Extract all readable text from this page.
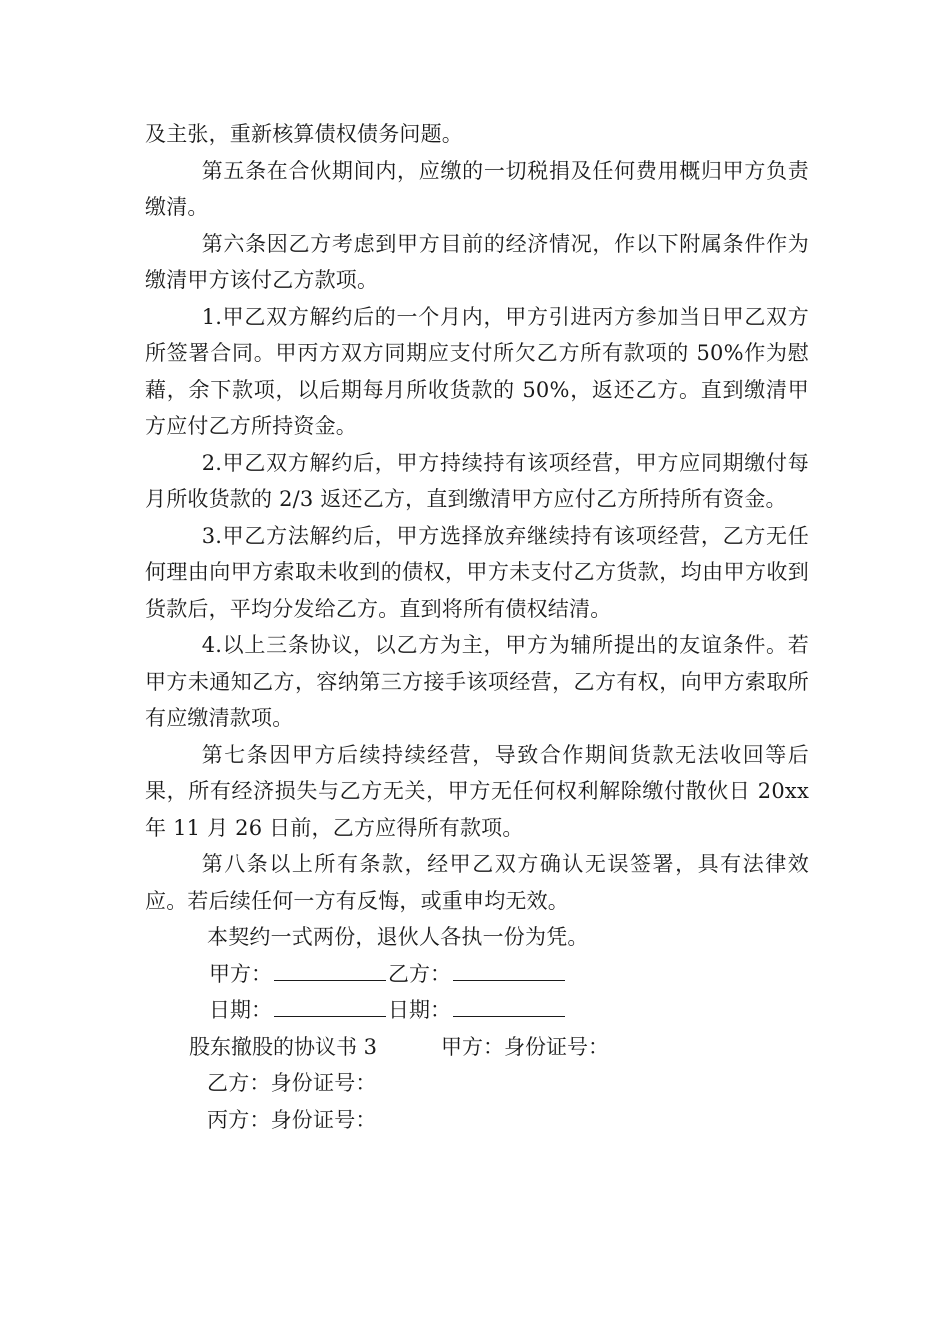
及主张，重新核算债权债务问题。

第五条在合伙期间内，应缴的一切税捐及任何费用概归甲方负责缴清。

第六条因乙方考虑到甲方目前的经济情况，作以下附属条件作为缴清甲方该付乙方款项。

1.甲乙双方解约后的一个月内，甲方引进丙方参加当日甲乙双方所签署合同。甲丙方双方同期应支付所欠乙方所有款项的 50%作为慰藉，余下款项，以后期每月所收货款的 50%，返还乙方。直到缴清甲方应付乙方所持资金。

2.甲乙双方解约后，甲方持续持有该项经营，甲方应同期缴付每月所收货款的 2/3 返还乙方，直到缴清甲方应付乙方所持所有资金。

3.甲乙方法解约后，甲方选择放弃继续持有该项经营，乙方无任何理由向甲方索取未收到的债权，甲方未支付乙方货款，均由甲方收到货款后，平均分发给乙方。直到将所有债权结清。

4.以上三条协议，以乙方为主，甲方为辅所提出的友谊条件。若甲方未通知乙方，容纳第三方接手该项经营，乙方有权，向甲方索取所有应缴清款项。

第七条因甲方后续持续经营，导致合作期间货款无法收回等后果，所有经济损失与乙方无关，甲方无任何权利解除缴付散伙日 20xx 年 11 月 26 日前，乙方应得所有款项。

第八条以上所有条款，经甲乙双方确认无误签署，具有法律效应。若后续任何一方有反悔，或重申均无效。

本契约一式两份，退伙人各执一份为凭。

甲方：	乙方：
日期：	日期：
股东撤股的协议书 3	甲方：身份证号：

乙方：身份证号：

丙方：身份证号：
